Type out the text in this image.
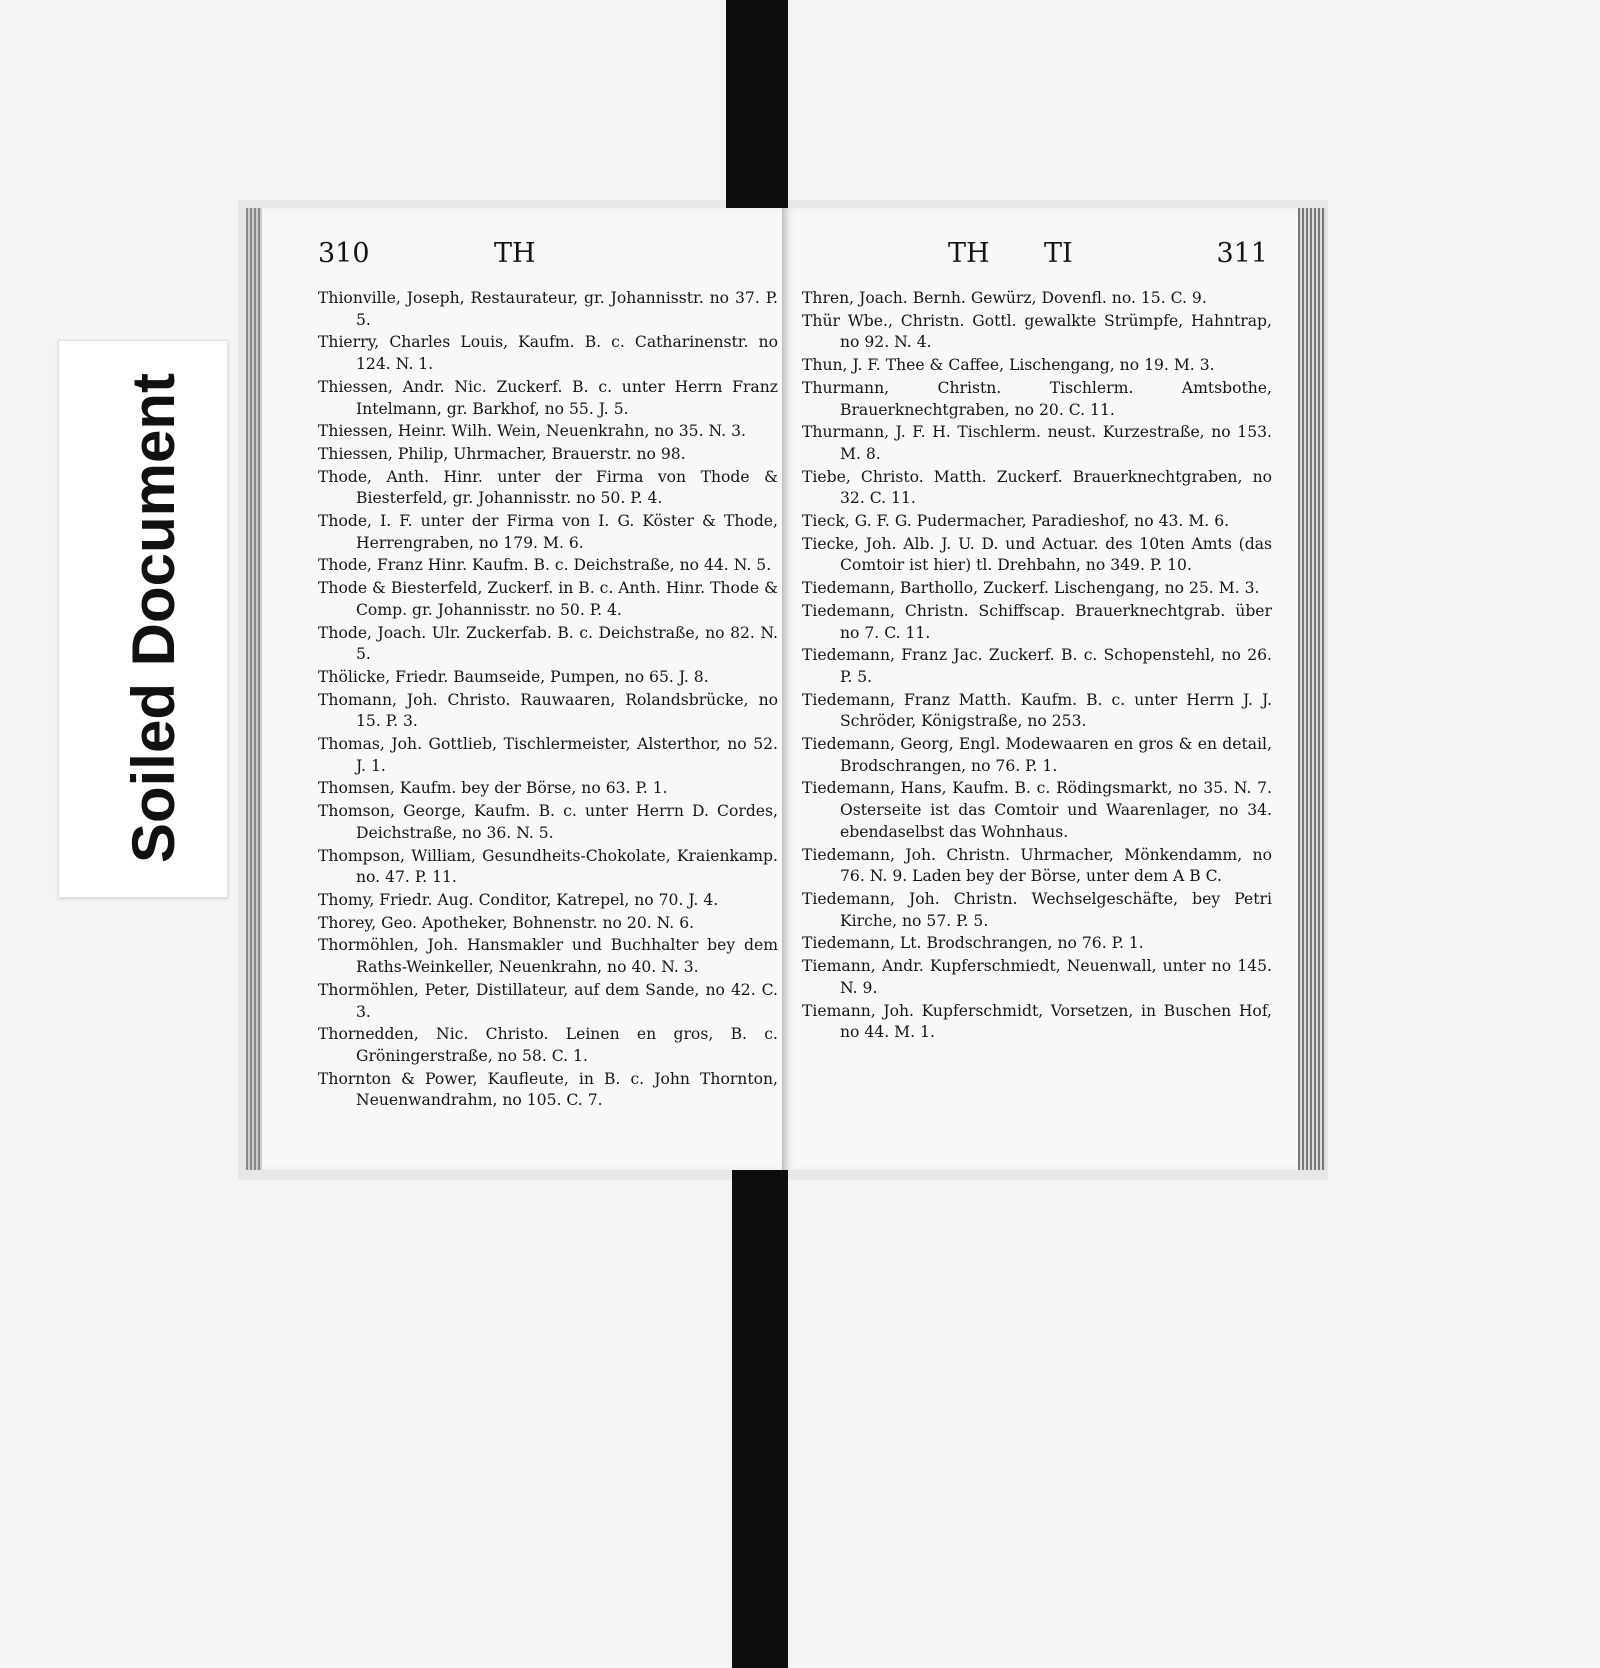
Soiled Document
310	TH

Thionville, Joseph, Restaurateur, gr. Johannisstr. no 37. P. 5.

Thierry, Charles Louis, Kaufm. B. c. Catharinenstr. no 124. N. 1.

Thiessen, Andr. Nic. Zuckerf. B. c. unter Herrn Franz Intelmann, gr. Barkhof, no 55. J. 5.

Thiessen, Heinr. Wilh. Wein, Neuenkrahn, no 35. N. 3.

Thiessen, Philip, Uhrmacher, Brauerstr. no 98.

Thode, Anth. Hinr. unter der Firma von Thode & Biesterfeld, gr. Johannisstr. no 50. P. 4.

Thode, I. F. unter der Firma von I. G. Köster & Thode, Herrengraben, no 179. M. 6.

Thode, Franz Hinr. Kaufm. B. c. Deichstraße, no 44. N. 5.

Thode & Biesterfeld, Zuckerf. in B. c. Anth. Hinr. Thode & Comp. gr. Johannisstr. no 50. P. 4.

Thode, Joach. Ulr. Zuckerfab. B. c. Deichstraße, no 82. N. 5.

Thölicke, Friedr. Baumseide, Pumpen, no 65. J. 8.

Thomann, Joh. Christo. Rauwaaren, Rolandsbrücke, no 15. P. 3.

Thomas, Joh. Gottlieb, Tischlermeister, Alsterthor, no 52. J. 1.

Thomsen, Kaufm. bey der Börse, no 63. P. 1.

Thomson, George, Kaufm. B. c. unter Herrn D. Cordes, Deichstraße, no 36. N. 5.

Thompson, William, Gesundheits-Chokolate, Kraienkamp. no. 47. P. 11.

Thomy, Friedr. Aug. Conditor, Katrepel, no 70. J. 4.

Thorey, Geo. Apotheker, Bohnenstr. no 20. N. 6.

Thormöhlen, Joh. Hansmakler und Buchhalter bey dem Raths-Weinkeller, Neuenkrahn, no 40. N. 3.

Thormöhlen, Peter, Distillateur, auf dem Sande, no 42. C. 3.

Thornedden, Nic. Christo. Leinen en gros, B. c. Gröningerstraße, no 58. C. 1.

Thornton & Power, Kaufleute, in B. c. John Thornton, Neuenwandrahm, no 105. C. 7.

TH TI	311

Thren, Joach. Bernh. Gewürz, Dovenfl. no. 15. C. 9.

Thür Wbe., Christn. Gottl. gewalkte Strümpfe, Hahntrap, no 92. N. 4.

Thun, J. F. Thee & Caffee, Lischengang, no 19. M. 3.

Thurmann, Christn. Tischlerm. Amtsbothe, Brauerknechtgraben, no 20. C. 11.

Thurmann, J. F. H. Tischlerm. neust. Kurzestraße, no 153. M. 8.

Tiebe, Christo. Matth. Zuckerf. Brauerknechtgraben, no 32. C. 11.

Tieck, G. F. G. Pudermacher, Paradieshof, no 43. M. 6.

Tiecke, Joh. Alb. J. U. D. und Actuar. des 10ten Amts (das Comtoir ist hier) tl. Drehbahn, no 349. P. 10.

Tiedemann, Barthollo, Zuckerf. Lischengang, no 25. M. 3.

Tiedemann, Christn. Schiffscap. Brauerknechtgrab. über no 7. C. 11.

Tiedemann, Franz Jac. Zuckerf. B. c. Schopenstehl, no 26. P. 5.

Tiedemann, Franz Matth. Kaufm. B. c. unter Herrn J. J. Schröder, Königstraße, no 253.

Tiedemann, Georg, Engl. Modewaaren en gros & en detail, Brodschrangen, no 76. P. 1.

Tiedemann, Hans, Kaufm. B. c. Rödingsmarkt, no 35. N. 7. Osterseite ist das Comtoir und Waarenlager, no 34. ebendaselbst das Wohnhaus.

Tiedemann, Joh. Christn. Uhrmacher, Mönkendamm, no 76. N. 9. Laden bey der Börse, unter dem A B C.

Tiedemann, Joh. Christn. Wechselgeschäfte, bey Petri Kirche, no 57. P. 5.

Tiedemann, Lt. Brodschrangen, no 76. P. 1.

Tiemann, Andr. Kupferschmiedt, Neuenwall, unter no 145. N. 9.

Tiemann, Joh. Kupferschmidt, Vorsetzen, in Buschen Hof, no 44. M. 1.
